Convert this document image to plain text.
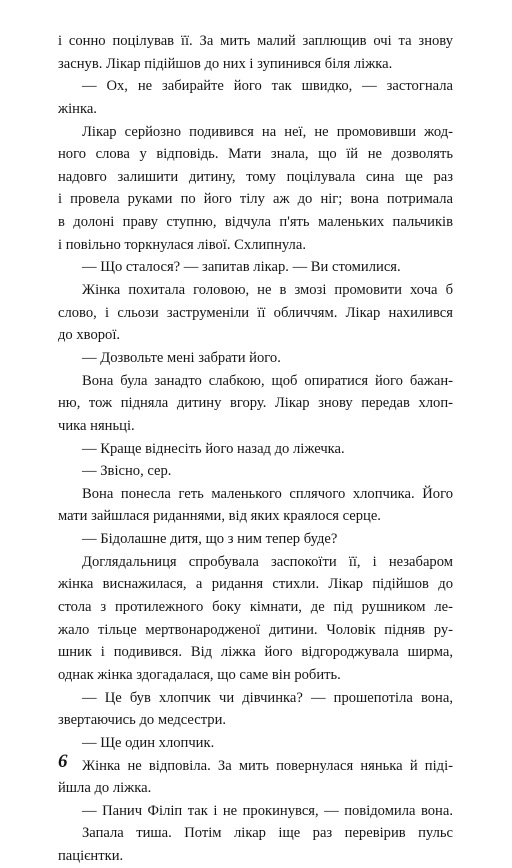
і сонно поцілував її. За мить малий заплющив очі та знову
заснув. Лікар підійшов до них і зупинився біля ліжка.
— Ох, не забирайте його так швидко, — застогнала
жінка.
Лікар серйозно подивився на неї, не промовивши жод-
ного слова у відповідь. Мати знала, що їй не дозволять
надовго залишити дитину, тому поцілувала сина ще раз
і провела руками по його тілу аж до ніг; вона потримала
в долоні праву ступню, відчула п'ять маленьких пальчиків
і повільно торкнулася лівої. Схлипнула.
— Що сталося? — запитав лікар. — Ви стомилися.
Жінка похитала головою, не в змозі промовити хоча б
слово, і сльози заструменіли її обличчям. Лікар нахилився
до хворої.
— Дозвольте мені забрати його.
Вона була занадто слабкою, щоб опиратися його бажан-
ню, тож підняла дитину вгору. Лікар знову передав хлоп-
чика няньці.
— Краще віднесіть його назад до ліжечка.
— Звісно, сер.
Вона понесла геть маленького сплячого хлопчика. Його
мати зайшлася риданнями, від яких краялося серце.
— Бідолашне дитя, що з ним тепер буде?
Доглядальниця спробувала заспокоїти її, і незабаром
жінка виснажилася, а ридання стихли. Лікар підійшов до
стола з протилежного боку кімнати, де під рушником ле-
жало тільце мертвонародженої дитини. Чоловік підняв ру-
шник і подивився. Від ліжка його відгороджувала ширма,
однак жінка здогадалася, що саме він робить.
— Це був хлопчик чи дівчинка? — прошепотіла вона,
звертаючись до медсестри.
— Ще один хлопчик.
Жінка не відповіла. За мить повернулася нянька й піді-
йшла до ліжка.
— Панич Філіп так і не прокинувся, — повідомила вона.
Запала тиша. Потім лікар іще раз перевірив пульс
пацієнтки.
6
